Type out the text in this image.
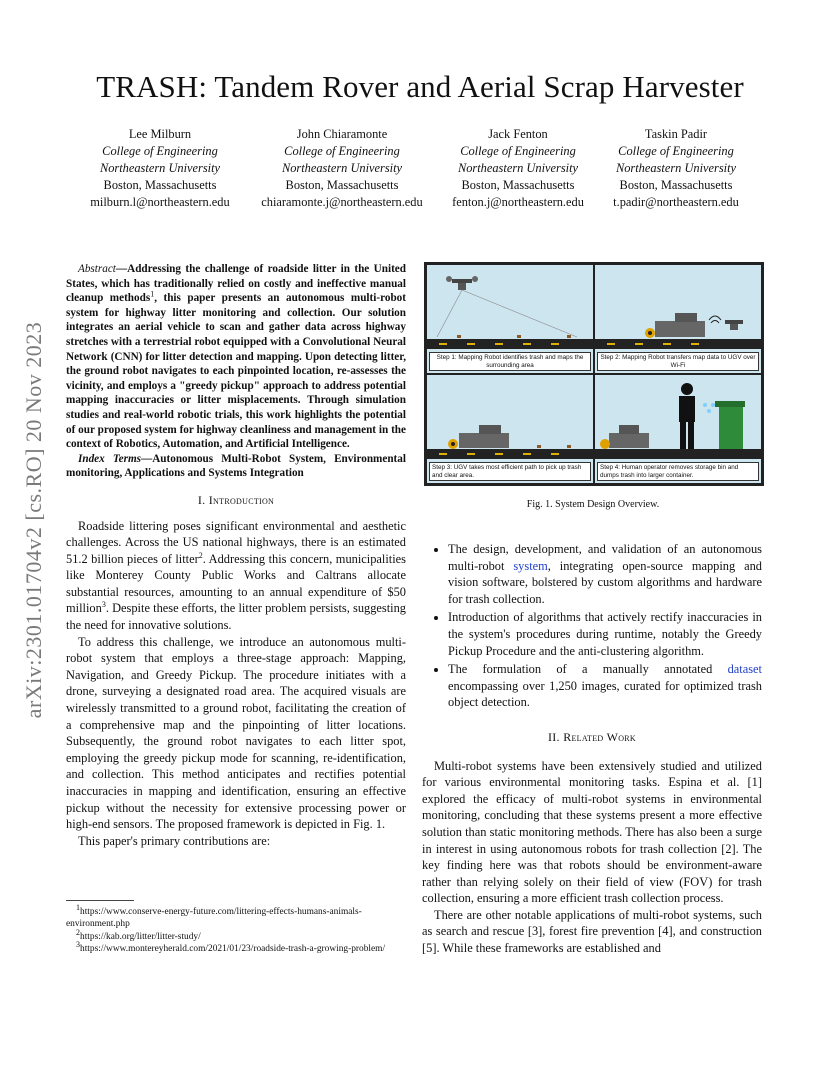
arXiv:2301.01704v2 [cs.RO] 20 Nov 2023
TRASH: Tandem Rover and Aerial Scrap Harvester
Lee Milburn
College of Engineering
Northeastern University
Boston, Massachusetts
milburn.l@northeastern.edu
John Chiaramonte
College of Engineering
Northeastern University
Boston, Massachusetts
chiaramonte.j@northeastern.edu
Jack Fenton
College of Engineering
Northeastern University
Boston, Massachusetts
fenton.j@northeastern.edu
Taskin Padir
College of Engineering
Northeastern University
Boston, Massachusetts
t.padir@northeastern.edu

Abstract—Addressing the challenge of roadside litter in the United States, which has traditionally relied on costly and ineffective manual cleanup methods$^1$, this paper presents an autonomous multi-robot system for highway litter monitoring and collection. Our solution integrates an aerial vehicle to scan and gather data across highway stretches with a terrestrial robot equipped with a Convolutional Neural Network (CNN) for litter detection and mapping. Upon detecting litter, the ground robot navigates to each pinpointed location, re-assesses the vicinity, and employs a "greedy pickup" approach to address potential mapping inaccuracies or litter misplacements. Through simulation studies and real-world robotic trials, this work highlights the potential of our proposed system for highway cleanliness and management in the context of Robotics, Automation, and Artificial Intelligence.

Index Terms—Autonomous Multi-Robot System, Environmental monitoring, Applications and Systems Integration

I. Introduction

Roadside littering poses significant environmental and aesthetic challenges. Across the US national highways, there is an estimated 51.2 billion pieces of litter$^2$. Addressing this concern, municipalities like Monterey County Public Works and Caltrans allocate substantial resources, amounting to an annual expenditure of $50 million$^3$. Despite these efforts, the litter problem persists, suggesting the need for innovative solutions.

To address this challenge, we introduce an autonomous multi-robot system that employs a three-stage approach: Mapping, Navigation, and Greedy Pickup. The procedure initiates with a drone, surveying a designated road area. The acquired visuals are wirelessly transmitted to a ground robot, facilitating the creation of a comprehensive map and the pinpointing of litter locations. Subsequently, the ground robot navigates to each litter spot, employing the greedy pickup mode for scanning, re-identification, and collection. This method anticipates and rectifies potential inaccuracies in mapping and identification, ensuring an effective pickup without the necessity for extensive processing power or high-end sensors. The proposed framework is depicted in Fig. 1.

This paper's primary contributions are:

1https://www.conserve-energy-future.com/littering-effects-humans-animals-environment.php
2https://kab.org/litter/litter-study/
3https://www.montereyherald.com/2021/01/23/roadside-trash-a-growing-problem/
Step 1: Mapping Robot identifies trash and maps the surrounding area
Step 2: Mapping Robot transfers map data to UGV over Wi-Fi
Step 3: UGV takes most efficient path to pick up trash and clear area.
Step 4: Human operator removes storage bin and dumps trash into larger container.
Fig. 1. System Design Overview.
• The design, development, and validation of an autonomous multi-robot system, integrating open-source mapping and vision software, bolstered by custom algorithms and hardware for trash collection.
• Introduction of algorithms that actively rectify inaccuracies in the system's procedures during runtime, notably the Greedy Pickup Procedure and the anti-clustering algorithm.
• The formulation of a manually annotated dataset encompassing over 1,250 images, curated for optimized trash object detection.
II. Related Work

Multi-robot systems have been extensively studied and utilized for various environmental monitoring tasks. Espina et al. [1] explored the efficacy of multi-robot systems in environmental monitoring, concluding that these systems present a more effective solution than static monitoring methods. There has also been a surge in interest in using autonomous robots for trash collection [2]. The key finding here was that robots should be environment-aware rather than relying solely on their field of view (FOV) for trash collection, ensuring a more efficient trash collection process.

There are other notable applications of multi-robot systems, such as search and rescue [3], forest fire prevention [4], and construction [5]. While these frameworks are established and
